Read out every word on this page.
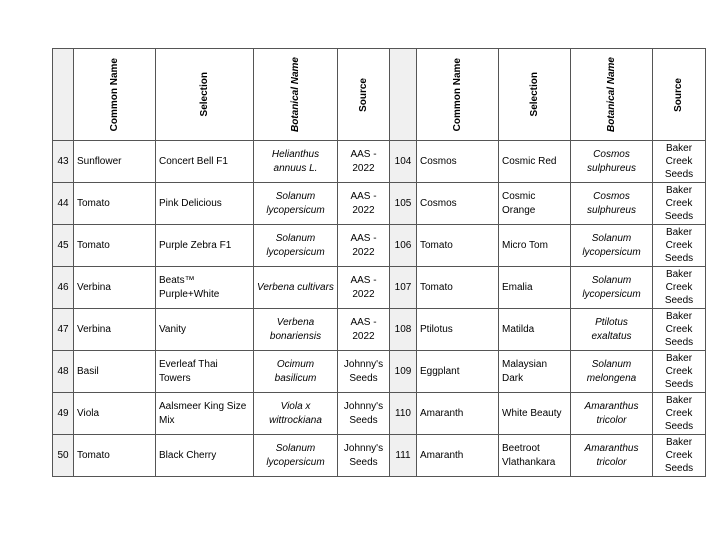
	Common Name	Selection	Botanical Name	Source		Common Name	Selection	Botanical Name	Source

43	Sunflower	Concert Bell F1	Helianthus annuus L.	AAS - 2022	104	Cosmos	Cosmic Red	Cosmos sulphureus	Baker Creek Seeds
44	Tomato	Pink Delicious	Solanum lycopersicum	AAS - 2022	105	Cosmos	Cosmic Orange	Cosmos sulphureus	Baker Creek Seeds
45	Tomato	Purple Zebra F1	Solanum lycopersicum	AAS - 2022	106	Tomato	Micro Tom	Solanum lycopersicum	Baker Creek Seeds
46	Verbina	Beats™ Purple+White	Verbena cultivars	AAS - 2022	107	Tomato	Emalia	Solanum lycopersicum	Baker Creek Seeds
47	Verbina	Vanity	Verbena bonariensis	AAS - 2022	108	Ptilotus	Matilda	Ptilotus exaltatus	Baker Creek Seeds
48	Basil	Everleaf Thai Towers	Ocimum basilicum	Johnny's Seeds	109	Eggplant	Malaysian Dark	Solanum melongena	Baker Creek Seeds
49	Viola	Aalsmeer King Size Mix	Viola x wittrockiana	Johnny's Seeds	110	Amaranth	White Beauty	Amaranthus tricolor	Baker Creek Seeds
50	Tomato	Black Cherry	Solanum lycopersicum	Johnny's Seeds	111	Amaranth	Beetroot Vlathankara	Amaranthus tricolor	Baker Creek Seeds
